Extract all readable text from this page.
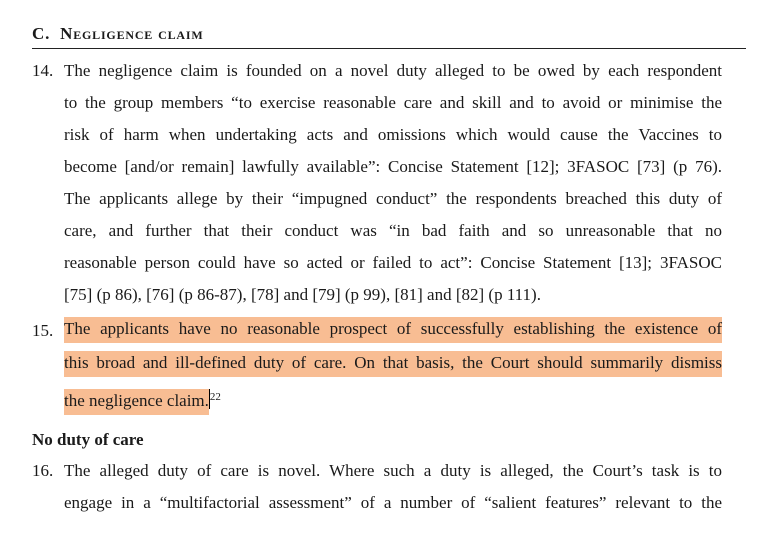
C. Negligence claim
14. The negligence claim is founded on a novel duty alleged to be owed by each respondent
to the group members “to exercise reasonable care and skill and to avoid or minimise the
risk of harm when undertaking acts and omissions which would cause the Vaccines to
become [and/or remain] lawfully available”: Concise Statement [12]; 3FASOC [73] (p 76).
The applicants allege by their “impugned conduct” the respondents breached this duty of
care, and further that their conduct was “in bad faith and so unreasonable that no
reasonable person could have so acted or failed to act”: Concise Statement [13]; 3FASOC
[75] (p 86), [76] (p 86-87), [78] and [79] (p 99), [81] and [82] (p 111).
15. The applicants have no reasonable prospect of successfully establishing the existence of
this broad and ill-defined duty of care. On that basis, the Court should summarily dismiss
the negligence claim.$^{22}$
No duty of care
16. The alleged duty of care is novel. Where such a duty is alleged, the Court’s task is to
engage in a “multifactorial assessment” of a number of “salient features” relevant to the
